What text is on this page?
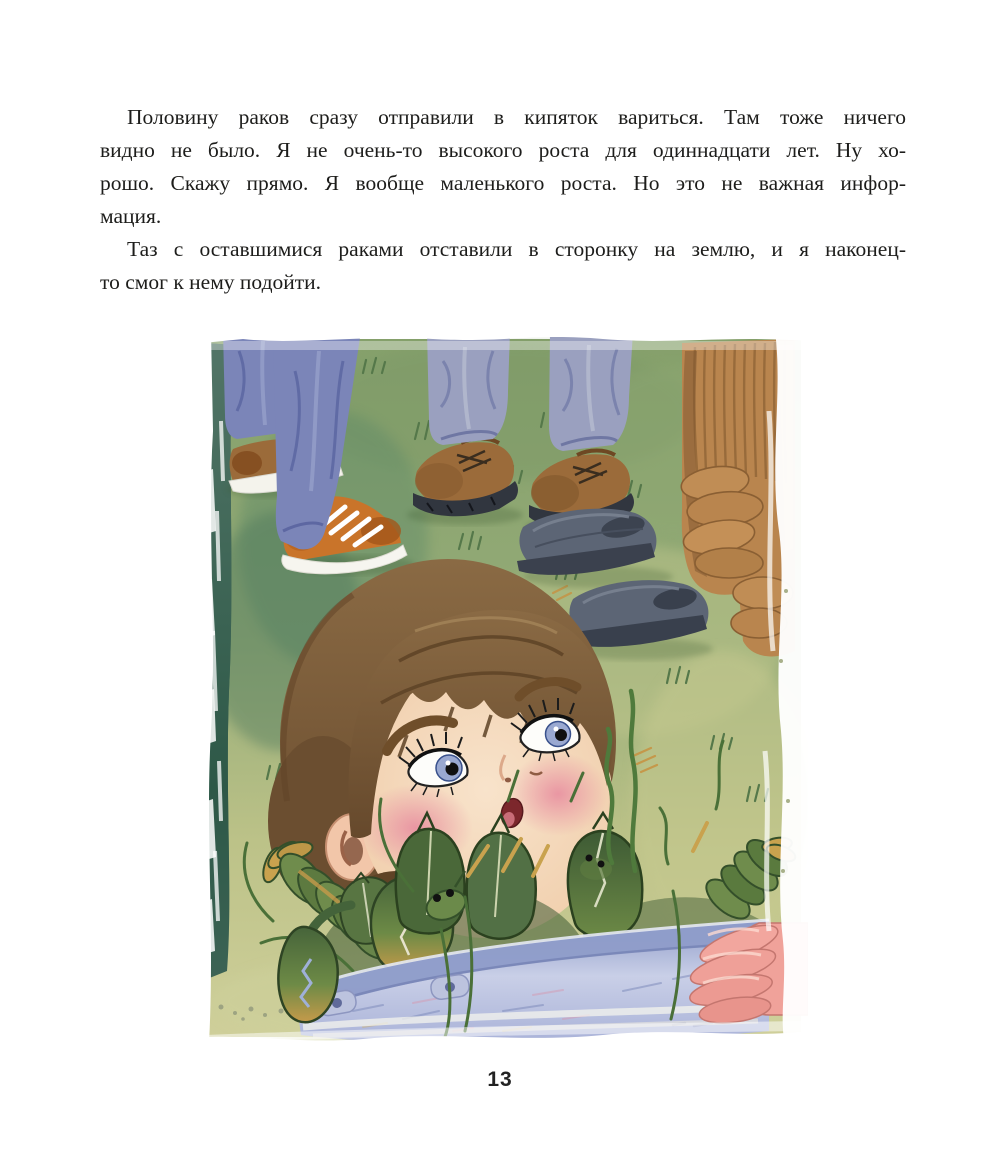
Половину раков сразу отправили в кипяток вариться. Там тоже ничего
видно не было. Я не очень-то высокого роста для одиннадцати лет. Ну хо-
рошо. Скажу прямо. Я вообще маленького роста. Но это не важная инфор-
мация.
Таз с оставшимися раками отставили в сторонку на землю, и я наконец-
то смог к нему подойти.
13
